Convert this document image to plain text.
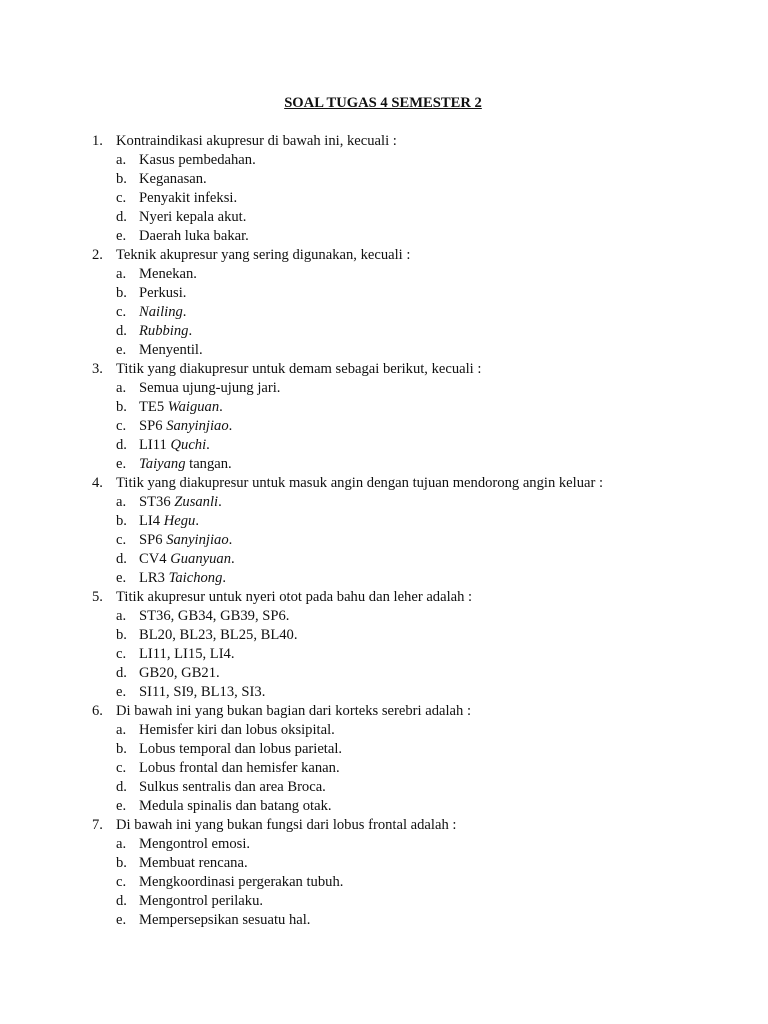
SOAL TUGAS 4 SEMESTER 2
1. Kontraindikasi akupresur di bawah ini, kecuali :
a. Kasus pembedahan.
b. Keganasan.
c. Penyakit infeksi.
d. Nyeri kepala akut.
e. Daerah luka bakar.
2. Teknik akupresur yang sering digunakan, kecuali :
a. Menekan.
b. Perkusi.
c. Nailing.
d. Rubbing.
e. Menyentil.
3. Titik yang diakupresur untuk demam sebagai berikut, kecuali :
a. Semua ujung-ujung jari.
b. TE5 Waiguan.
c. SP6 Sanyinjiao.
d. LI11 Quchi.
e. Taiyang tangan.
4. Titik yang diakupresur untuk masuk angin dengan tujuan mendorong angin keluar :
a. ST36 Zusanli.
b. LI4 Hegu.
c. SP6 Sanyinjiao.
d. CV4 Guanyuan.
e. LR3 Taichong.
5. Titik akupresur untuk nyeri otot pada bahu dan leher adalah :
a. ST36, GB34, GB39, SP6.
b. BL20, BL23, BL25, BL40.
c. LI11, LI15, LI4.
d. GB20, GB21.
e. SI11, SI9, BL13, SI3.
6. Di bawah ini yang bukan bagian dari korteks serebri adalah :
a. Hemisfer kiri dan lobus oksipital.
b. Lobus temporal dan lobus parietal.
c. Lobus frontal dan hemisfer kanan.
d. Sulkus sentralis dan area Broca.
e. Medula spinalis dan batang otak.
7. Di bawah ini yang bukan fungsi dari lobus frontal adalah :
a. Mengontrol emosi.
b. Membuat rencana.
c. Mengkoordinasi pergerakan tubuh.
d. Mengontrol perilaku.
e. Mempersepsikan sesuatu hal.
